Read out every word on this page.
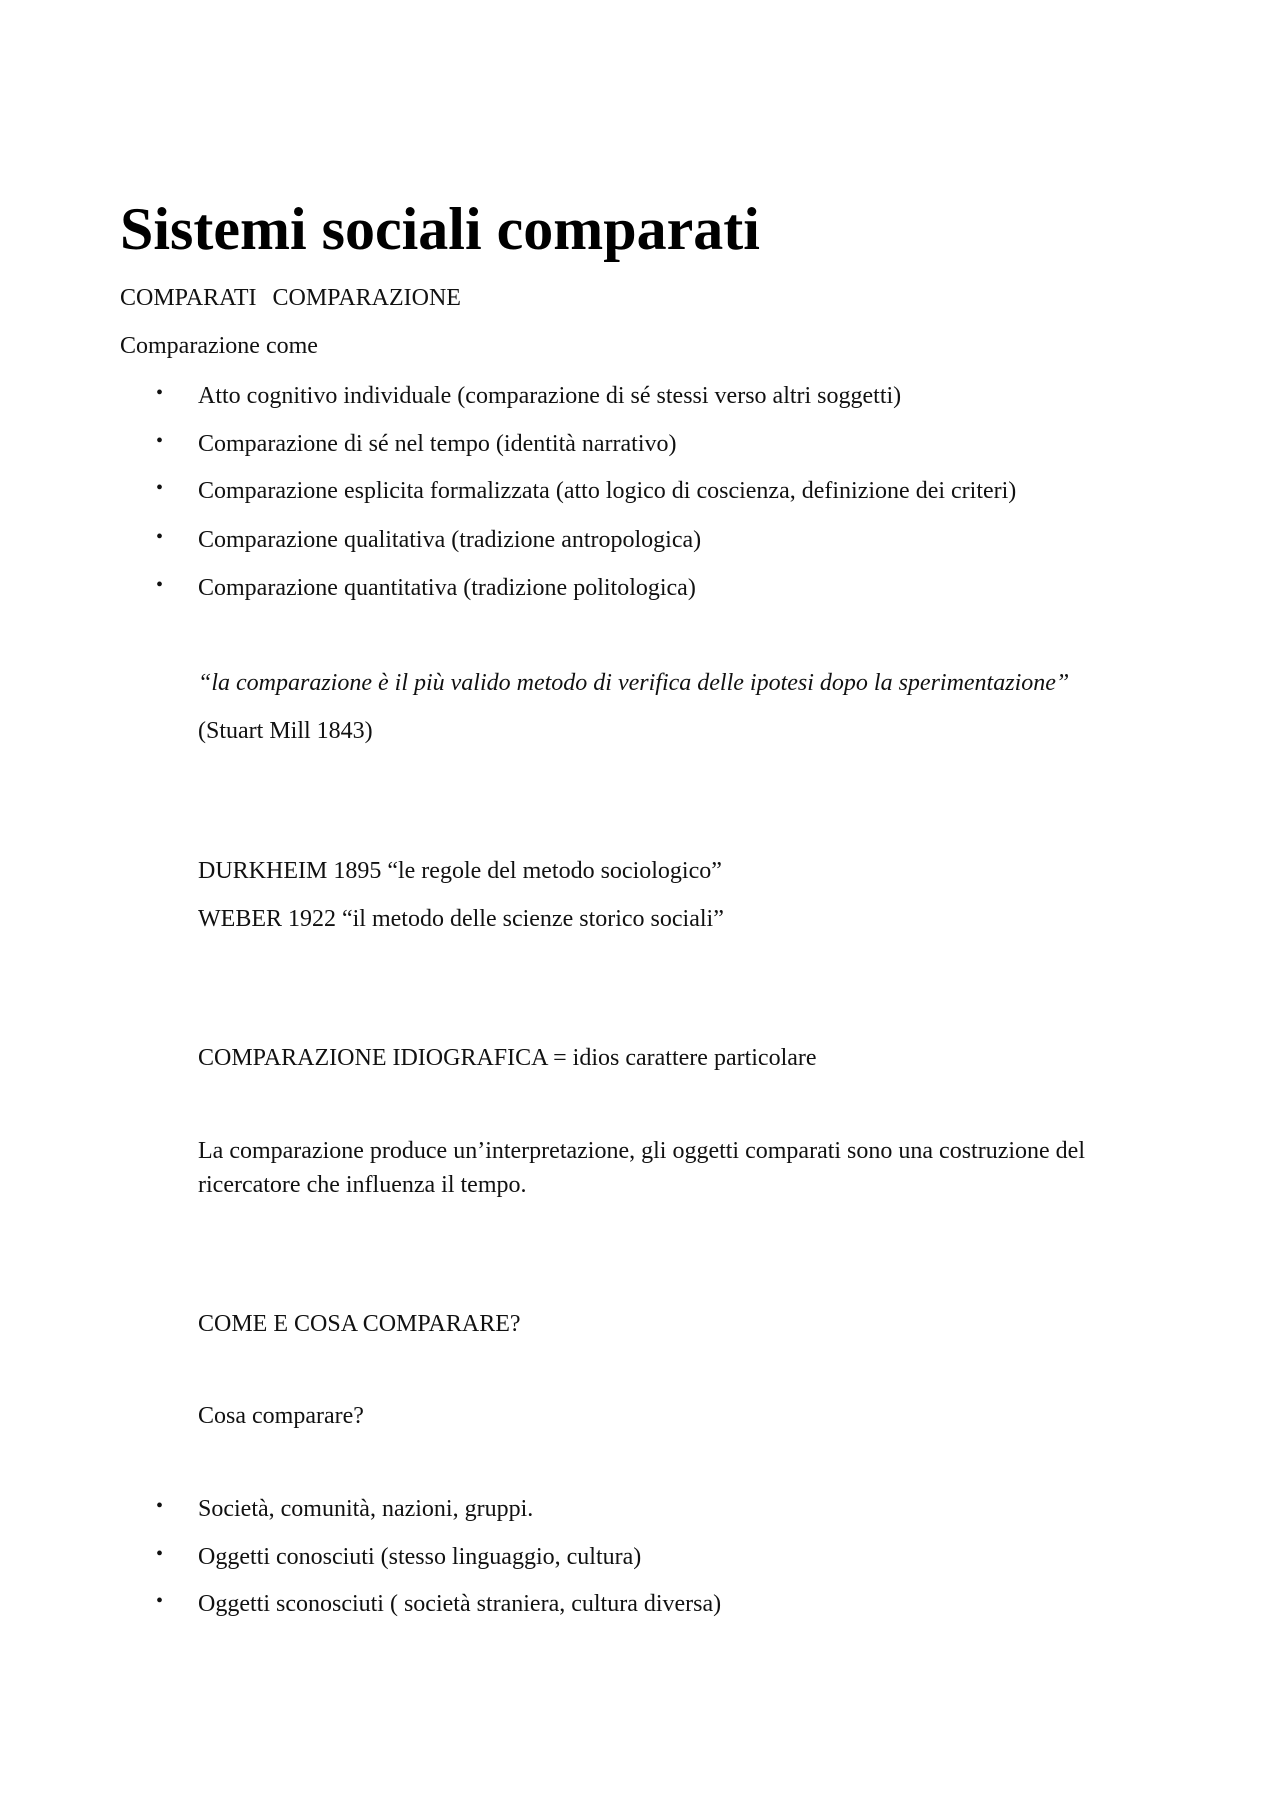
Sistemi sociali comparati

COMPARATI COMPARAZIONE

Comparazione come

• Atto cognitivo individuale (comparazione di sé stessi verso altri soggetti)
• Comparazione di sé nel tempo (identità narrativo)
• Comparazione esplicita formalizzata (atto logico di coscienza, definizione dei criteri)
• Comparazione qualitativa (tradizione antropologica)
• Comparazione quantitativa (tradizione politologica)

“la comparazione è il più valido metodo di verifica delle ipotesi dopo la sperimentazione”

(Stuart Mill 1843)

DURKHEIM 1895 “le regole del metodo sociologico”

WEBER 1922 “il metodo delle scienze storico sociali”

COMPARAZIONE IDIOGRAFICA = idios carattere particolare

La comparazione produce un’interpretazione, gli oggetti comparati sono una costruzione del ricercatore che influenza il tempo.

COME E COSA COMPARARE?

Cosa comparare?

• Società, comunità, nazioni, gruppi.
• Oggetti conosciuti (stesso linguaggio, cultura)
• Oggetti sconosciuti ( società straniera, cultura diversa)
